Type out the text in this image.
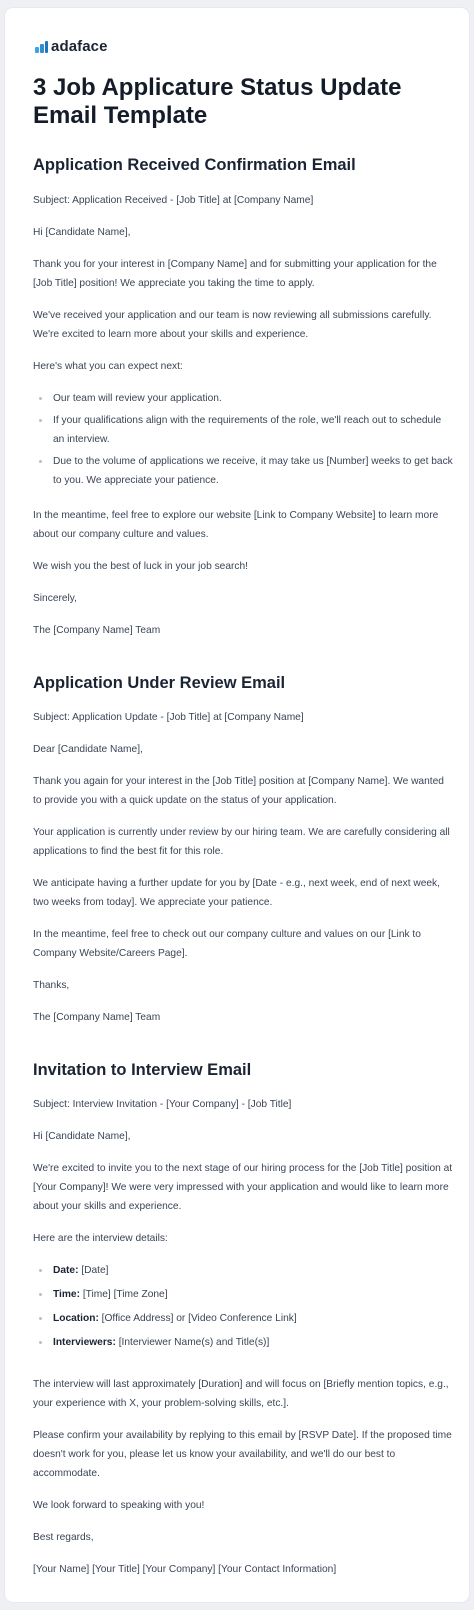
adaface
3 Job Applicature Status Update Email Template
Application Received Confirmation Email

Subject: Application Received - [Job Title] at [Company Name]

Hi [Candidate Name],

Thank you for your interest in [Company Name] and for submitting your application for the [Job Title] position! We appreciate you taking the time to apply.

We've received your application and our team is now reviewing all submissions carefully. We're excited to learn more about your skills and experience.

Here's what you can expect next:

Our team will review your application.
If your qualifications align with the requirements of the role, we'll reach out to schedule an interview.
Due to the volume of applications we receive, it may take us [Number] weeks to get back to you. We appreciate your patience.

In the meantime, feel free to explore our website [Link to Company Website] to learn more about our company culture and values.

We wish you the best of luck in your job search!

Sincerely,

The [Company Name] Team

Application Under Review Email

Subject: Application Update - [Job Title] at [Company Name]

Dear [Candidate Name],

Thank you again for your interest in the [Job Title] position at [Company Name]. We wanted to provide you with a quick update on the status of your application.

Your application is currently under review by our hiring team. We are carefully considering all applications to find the best fit for this role.

We anticipate having a further update for you by [Date - e.g., next week, end of next week, two weeks from today]. We appreciate your patience.

In the meantime, feel free to check out our company culture and values on our [Link to Company Website/Careers Page].

Thanks,

The [Company Name] Team

Invitation to Interview Email

Subject: Interview Invitation - [Your Company] - [Job Title]

Hi [Candidate Name],

We're excited to invite you to the next stage of our hiring process for the [Job Title] position at [Your Company]! We were very impressed with your application and would like to learn more about your skills and experience.

Here are the interview details:

Date: [Date]
Time: [Time] [Time Zone]
Location: [Office Address] or [Video Conference Link]
Interviewers: [Interviewer Name(s) and Title(s)]

The interview will last approximately [Duration] and will focus on [Briefly mention topics, e.g., your experience with X, your problem-solving skills, etc.].

Please confirm your availability by replying to this email by [RSVP Date]. If the proposed time doesn't work for you, please let us know your availability, and we'll do our best to accommodate.

We look forward to speaking with you!

Best regards,

[Your Name] [Your Title] [Your Company] [Your Contact Information]
